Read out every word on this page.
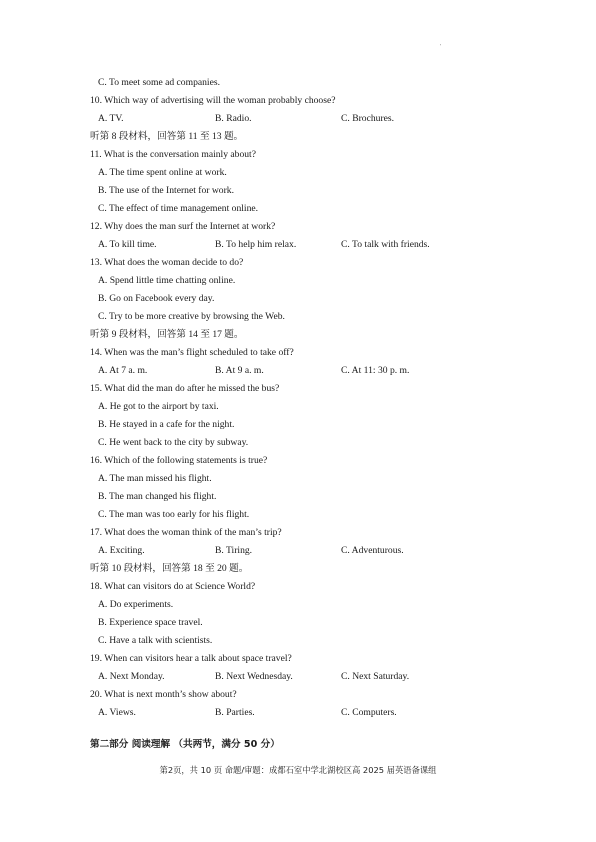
'
C. To meet some ad companies.
10. Which way of advertising will the woman probably choose?
A. TV.	B. Radio.	C. Brochures.
听第 8 段材料，回答第 11 至 13 题。
11. What is the conversation mainly about?
A. The time spent online at work.
B. The use of the Internet for work.
C. The effect of time management online.
12. Why does the man surf the Internet at work?
A. To kill time.	B. To help him relax.	C. To talk with friends.
13. What does the woman decide to do?
A. Spend little time chatting online.
B. Go on Facebook every day.
C. Try to be more creative by browsing the Web.
听第 9 段材料，回答第 14 至 17 题。
14. When was the man’s flight scheduled to take off?
A. At 7 a. m.	B. At 9 a. m.	C. At 11: 30 p. m.
15. What did the man do after he missed the bus?
A. He got to the airport by taxi.
B. He stayed in a cafe for the night.
C. He went back to the city by subway.
16. Which of the following statements is true?
A. The man missed his flight.
B. The man changed his flight.
C. The man was too early for his flight.
17. What does the woman think of the man’s trip?
A. Exciting.	B. Tiring.	C. Adventurous.
听第 10 段材料，回答第 18 至 20 题。
18. What can visitors do at Science World?
A. Do experiments.
B. Experience space travel.
C. Have a talk with scientists.
19. When can visitors hear a talk about space travel?
A. Next Monday.	B. Next Wednesday.	C. Next Saturday.
20. What is next month’s show about?
A. Views.	B. Parties.	C. Computers.
第二部分 阅读理解 （共两节，满分 50 分）
第2页，共 10 页 命题/审题：成都石室中学北湖校区高 2025 届英语备课组
